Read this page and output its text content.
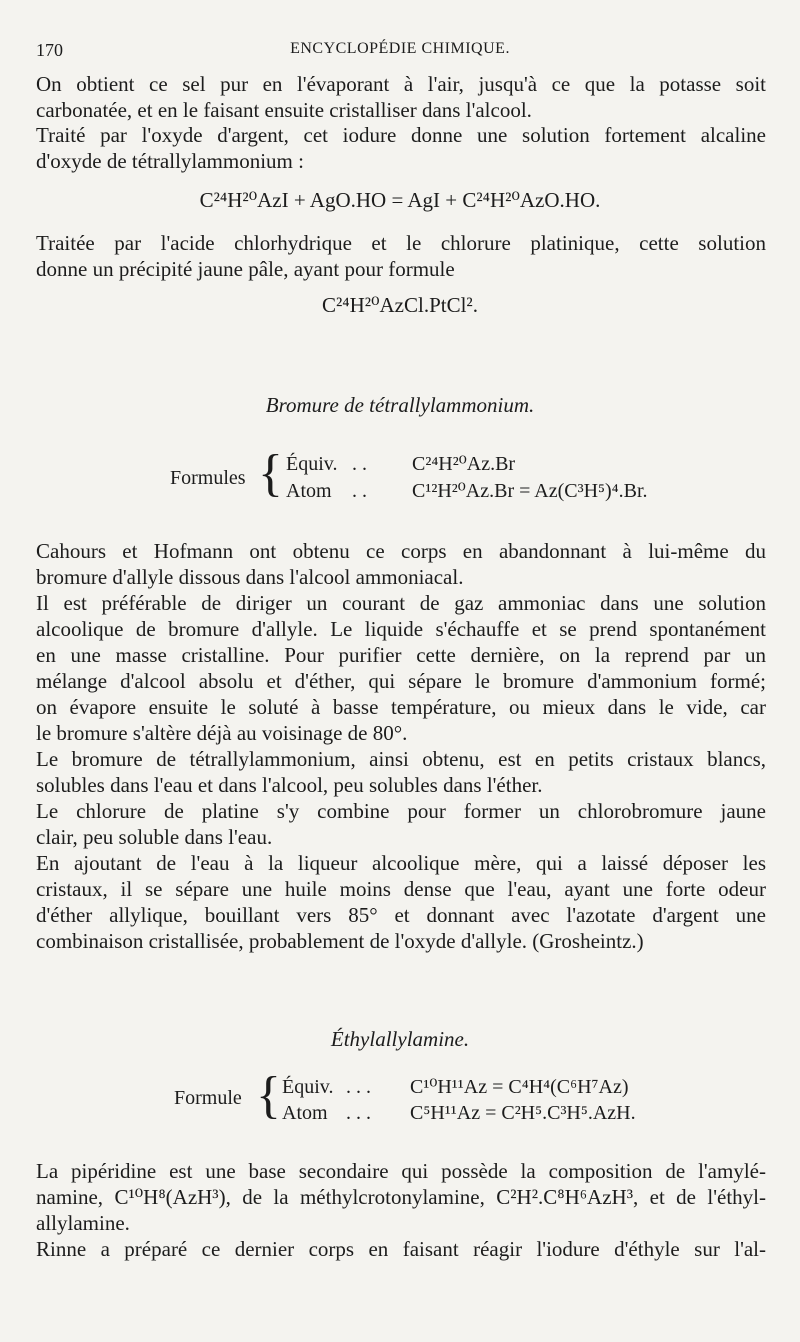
170	ENCYCLOPÉDIE CHIMIQUE.
On obtient ce sel pur en l'évaporant à l'air, jusqu'à ce que la potasse soit
carbonatée, et en le faisant ensuite cristalliser dans l'alcool.
Traité par l'oxyde d'argent, cet iodure donne une solution fortement alcaline
d'oxyde de tétrallylammonium :
C²⁴H²⁰AzI + AgO.HO = AgI + C²⁴H²⁰AzO.HO.
Traitée par l'acide chlorhydrique et le chlorure platinique, cette solution
donne un précipité jaune pâle, ayant pour formule
C²⁴H²⁰AzCl.PtCl².
Bromure de tétrallylammonium.
Formules { Équiv. . . C²⁴H²⁰Az.Br
Atom . . C¹²H²⁰Az.Br = Az(C³H⁵)⁴.Br.
Cahours et Hofmann ont obtenu ce corps en abandonnant à lui-même du
bromure d'allyle dissous dans l'alcool ammoniacal.
Il est préférable de diriger un courant de gaz ammoniac dans une solution
alcoolique de bromure d'allyle. Le liquide s'échauffe et se prend spontanément
en une masse cristalline. Pour purifier cette dernière, on la reprend par un
mélange d'alcool absolu et d'éther, qui sépare le bromure d'ammonium formé;
on évapore ensuite le soluté à basse température, ou mieux dans le vide, car
le bromure s'altère déjà au voisinage de 80°.
Le bromure de tétrallylammonium, ainsi obtenu, est en petits cristaux blancs,
solubles dans l'eau et dans l'alcool, peu solubles dans l'éther.
Le chlorure de platine s'y combine pour former un chlorobromure jaune
clair, peu soluble dans l'eau.
En ajoutant de l'eau à la liqueur alcoolique mère, qui a laissé déposer les
cristaux, il se sépare une huile moins dense que l'eau, ayant une forte odeur
d'éther allylique, bouillant vers 85° et donnant avec l'azotate d'argent une
combinaison cristallisée, probablement de l'oxyde d'allyle. (Grosheintz.)
Éthylallylamine.
Formule { Équiv. . . . C¹⁰H¹¹Az = C⁴H⁴(C⁶H⁷Az)
Atom . . . C⁵H¹¹Az = C²H⁵.C³H⁵.AzH.
La pipéridine est une base secondaire qui possède la composition de l'amylé-
namine, C¹⁰H⁸(AzH³), de la méthylcrotonylamine, C²H².C⁸H⁶AzH³, et de l'éthyl-
allylamine.
Rinne a préparé ce dernier corps en faisant réagir l'iodure d'éthyle sur l'al-
